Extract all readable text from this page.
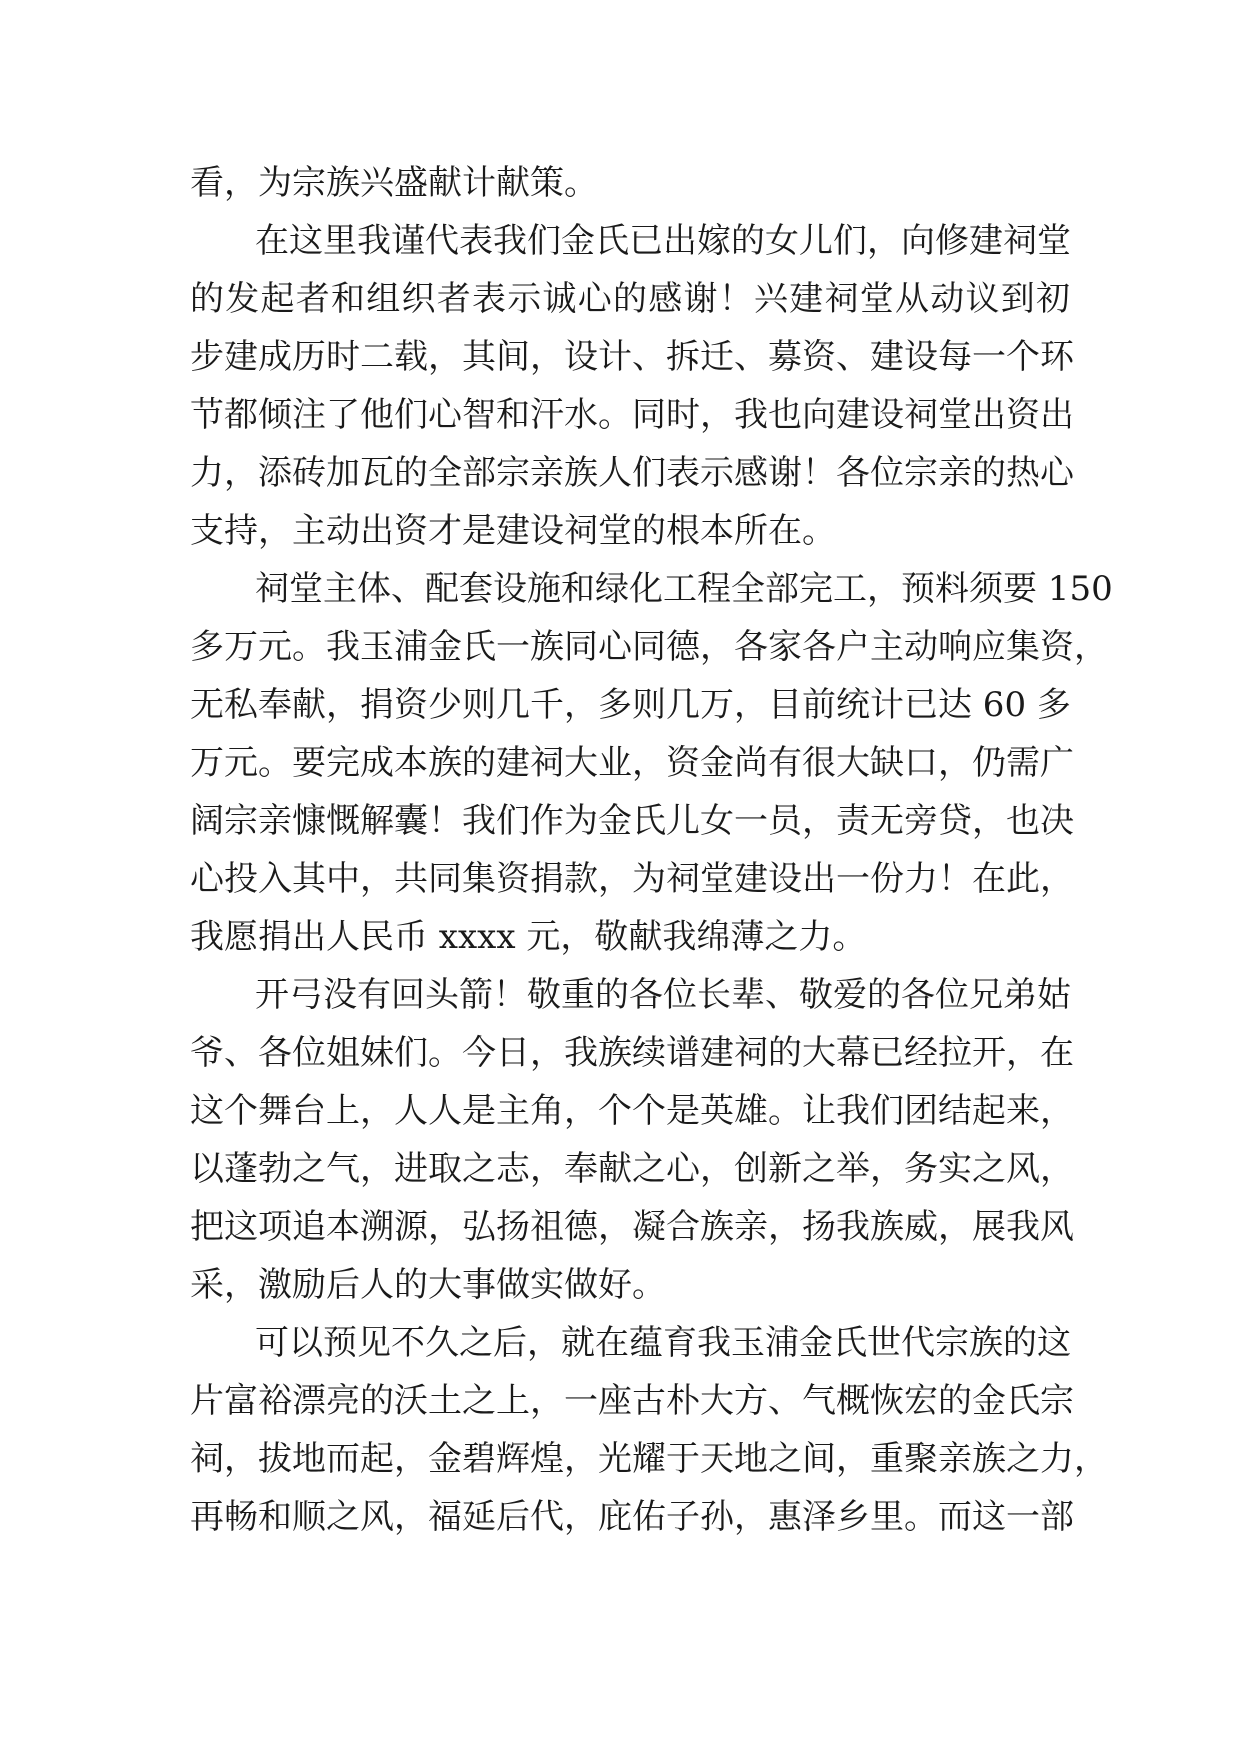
看，为宗族兴盛献计献策。
在这里我谨代表我们金氏已出嫁的女儿们，向修建祠堂
的发起者和组织者表示诚心的感谢！兴建祠堂从动议到初
步建成历时二载，其间，设计、拆迁、募资、建设每一个环
节都倾注了他们心智和汗水。同时，我也向建设祠堂出资出
力，添砖加瓦的全部宗亲族人们表示感谢！各位宗亲的热心
支持，主动出资才是建设祠堂的根本所在。
祠堂主体、配套设施和绿化工程全部完工，预料须要 150
多万元。我玉浦金氏一族同心同德，各家各户主动响应集资，
无私奉献，捐资少则几千，多则几万，目前统计已达 60 多
万元。要完成本族的建祠大业，资金尚有很大缺口，仍需广
阔宗亲慷慨解囊！我们作为金氏儿女一员，责无旁贷，也决
心投入其中，共同集资捐款，为祠堂建设出一份力！在此，
我愿捐出人民币 xxxx 元，敬献我绵薄之力。
开弓没有回头箭！敬重的各位长辈、敬爱的各位兄弟姑
爷、各位姐妹们。今日，我族续谱建祠的大幕已经拉开，在
这个舞台上，人人是主角，个个是英雄。让我们团结起来，
以蓬勃之气，进取之志，奉献之心，创新之举，务实之风，
把这项追本溯源，弘扬祖德，凝合族亲，扬我族威，展我风
采，激励后人的大事做实做好。
可以预见不久之后，就在蕴育我玉浦金氏世代宗族的这
片富裕漂亮的沃土之上，一座古朴大方、气概恢宏的金氏宗
祠，拔地而起，金碧辉煌，光耀于天地之间，重聚亲族之力，
再畅和顺之风，福延后代，庇佑子孙，惠泽乡里。而这一部
